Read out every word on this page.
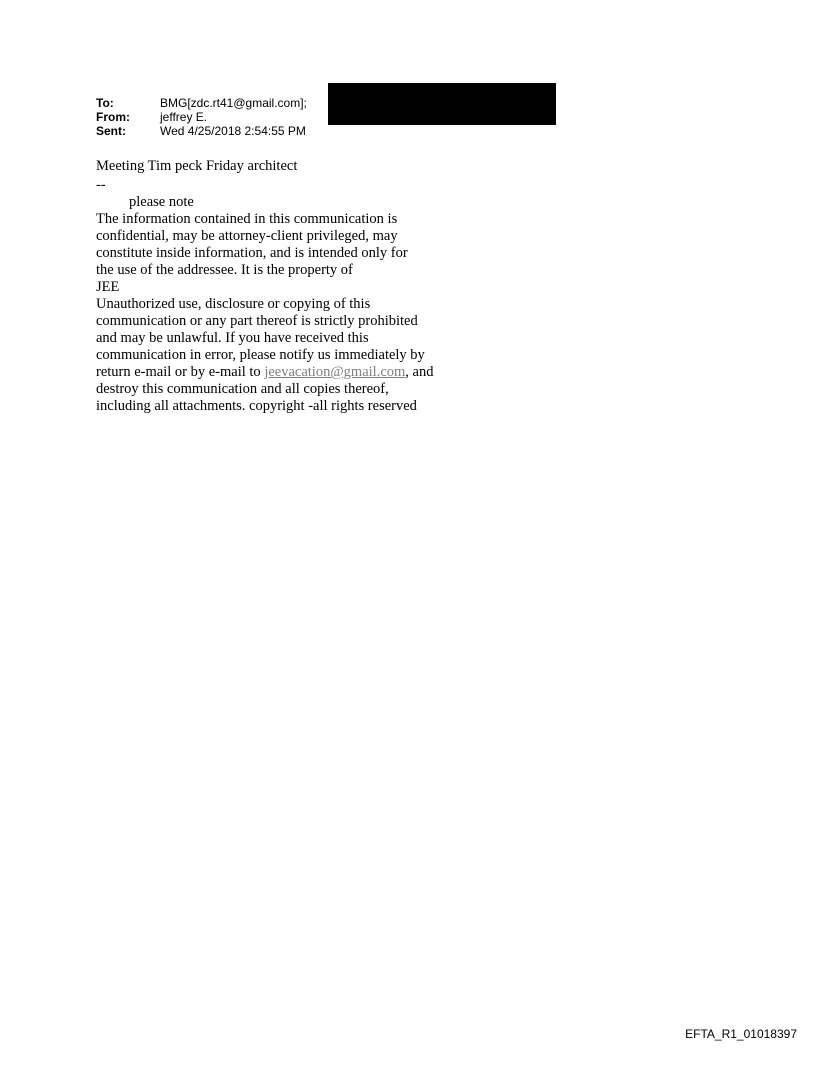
To:	BMG[zdc.rt41@gmail.com];
From:	jeffrey E.
Sent:	Wed 4/25/2018 2:54:55 PM

Meeting Tim peck Friday architect

--

please note

The information contained in this communication is

confidential, may be attorney-client privileged, may

constitute inside information, and is intended only for

the use of the addressee. It is the property of

JEE

Unauthorized use, disclosure or copying of this

communication or any part thereof is strictly prohibited

and may be unlawful. If you have received this

communication in error, please notify us immediately by

return e-mail or by e-mail to jeevacation@gmail.com, and

destroy this communication and all copies thereof,

including all attachments. copyright -all rights reserved

EFTA_R1_01018397
